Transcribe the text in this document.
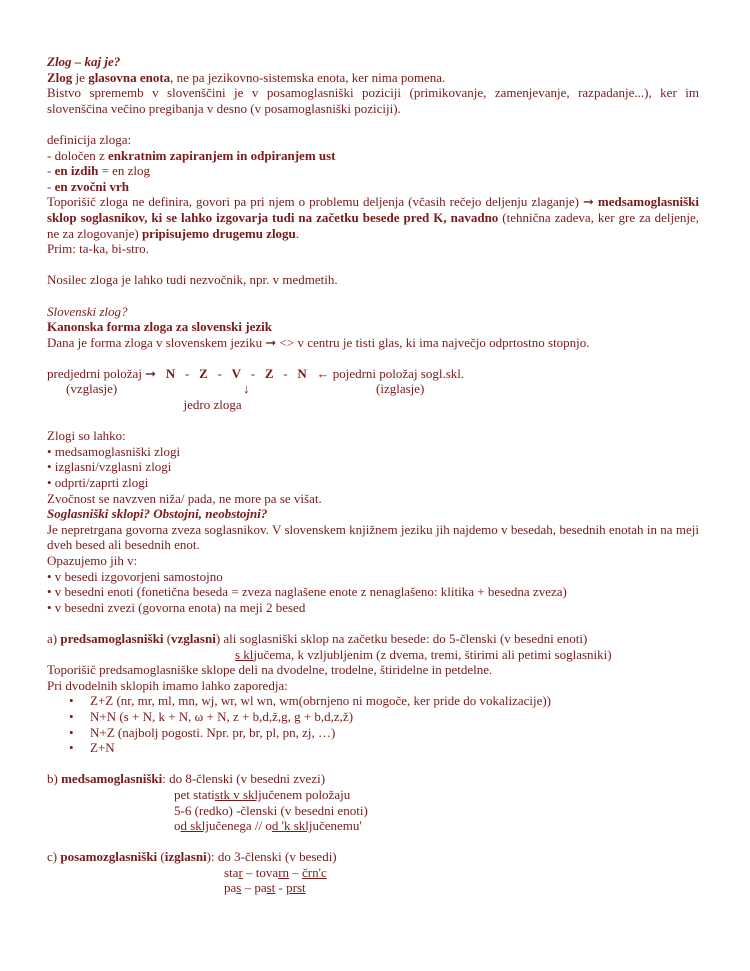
Zlog – kaj je?
Zlog je glasovna enota, ne pa jezikovno-sistemska enota, ker nima pomena.
Bistvo sprememb v slovenščini je v posamoglasniški poziciji (primikovanje, zamenjevanje, razpadanje...), ker im slovenščina večino pregibanja v desno (v posamoglasniški poziciji).
definicija zloga:
- določen z enkratnim zapiranjem in odpiranjem ust
- en izdih = en zlog
- en zvočni vrh
Toporišič zloga ne definira, govori pa pri njem o problemu deljenja (včasih rečejo deljenju zlaganje) ➞ medsamoglasniški sklop soglasnikov, ki se lahko izgovarja tudi na začetku besede pred K, navadno (tehnična zadeva, ker gre za deljenje, ne za zlogovanje) pripisujemo drugemu zlogu.
Prim: ta-ka, bi-stro.
Nosilec zloga je lahko tudi nezvočnik, npr. v medmetih.
Slovenski zlog?
Kanonska forma zloga za slovenski jezik
Dana je forma zloga v slovenskem jeziku ➞ <> v centru je tisti glas, ki ima največjo odprtostno stopnjo.
predjedrni položaj ➞   N   -   Z   -   V   -   Z   -   N   ← pojedrni položaj sogl.skl.
(vzglasje)	↓	(izglasje)
jedro zloga
Zlogi so lahko:
• medsamoglasniški zlogi
• izglasni/vzglasni zlogi
• odprti/zaprti zlogi
Zvočnost se navzven niža/ pada, ne more pa se višat.
Soglasniški sklopi? Obstojni, neobstojni?
Je nepretrgana govorna zveza soglasnikov. V slovenskem knjižnem jeziku jih najdemo v besedah, besednih enotah in na meji dveh besed ali besednih enot.
Opazujemo jih v:
• v besedi izgovorjeni samostojno
• v besedni enoti (fonetična beseda = zveza naglašene enote z nenaglašeno: klitika + besedna zveza)
• v besedni zvezi (govorna enota) na meji 2 besed
a) predsamoglasniški (vzglasni) ali soglasniški sklop na začetku besede: do 5-členski (v besedni enoti)
s ključema, k vzljubljenim (z dvema, tremi, štirimi ali petimi soglasniki)
Toporišič predsamoglasniške sklope deli na dvodelne, trodelne, štiridelne in petdelne.
Pri dvodelnih sklopih imamo lahko zaporedja:
• Z+Z (nr, mr, ml, mn, wj, wr, wl wn, wm(obrnjeno ni mogoče, ker pride do vokalizacije))
• N+N (s + N, k + N, ω + N, z + b,d,ž,g, g + b,d,z,ž)
• N+Z (najbolj pogosti. Npr. pr, br, pl, pn, zj, …)
• Z+N
b) medsamoglasniški: do 8-členski (v besedni zvezi)
pet statistk v sključenem položaju
5-6 (redko) -členski (v besedni enoti)
od sključenega // od 'k sključenemu'
c) posamozglasniški (izglasni): do 3-členski (v besedi)
star – tovarn – črn'c
pas – past - prst
